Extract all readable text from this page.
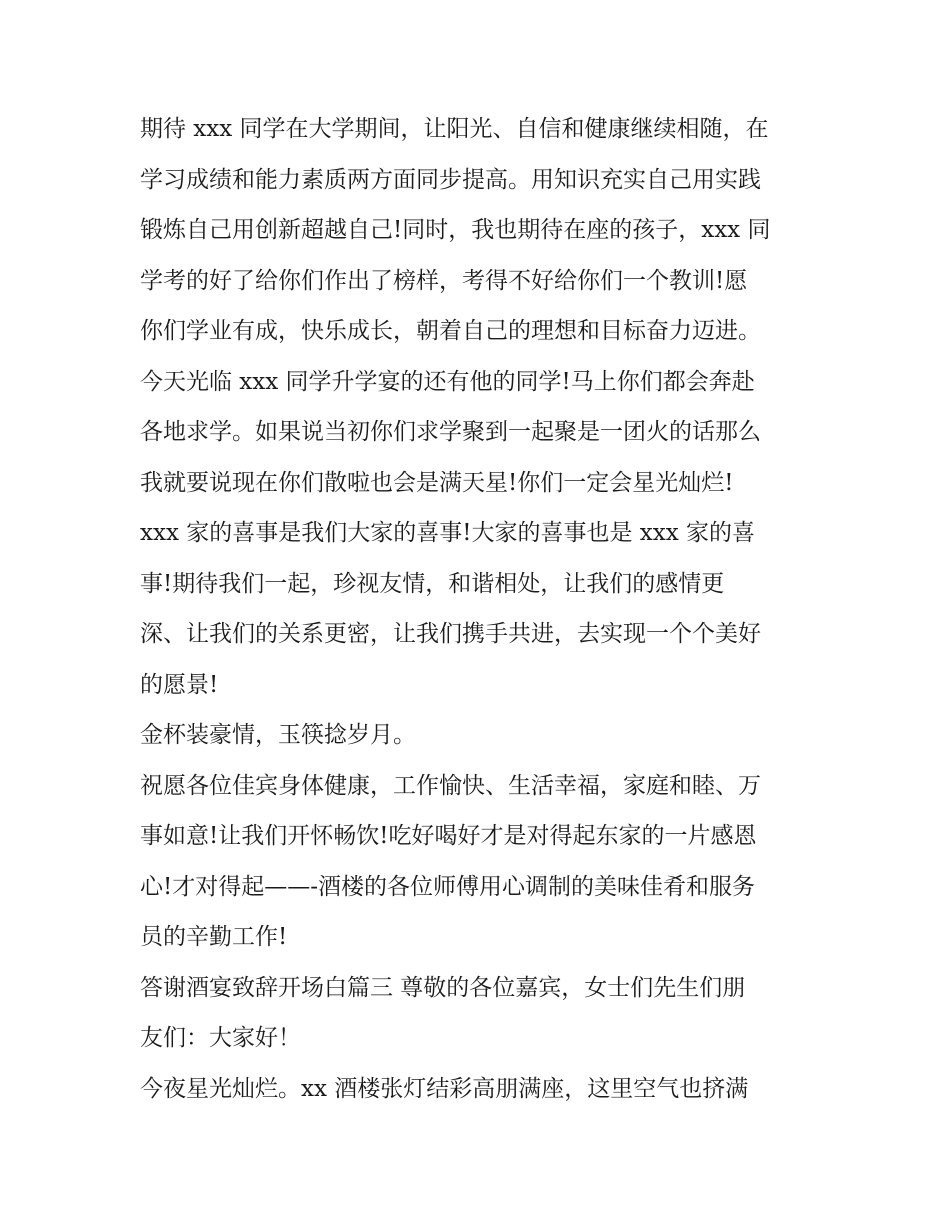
期待 xxx 同学在大学期间，让阳光、自信和健康继续相随，在
学习成绩和能力素质两方面同步提高。用知识充实自己用实践
锻炼自己用创新超越自己!同时，我也期待在座的孩子，xxx 同
学考的好了给你们作出了榜样，考得不好给你们一个教训!愿
你们学业有成，快乐成长，朝着自己的理想和目标奋力迈进。
今天光临 xxx 同学升学宴的还有他的同学!马上你们都会奔赴
各地求学。如果说当初你们求学聚到一起聚是一团火的话那么
我就要说现在你们散啦也会是满天星!你们一定会星光灿烂!
xxx 家的喜事是我们大家的喜事!大家的喜事也是 xxx 家的喜
事!期待我们一起，珍视友情，和谐相处，让我们的感情更
深、让我们的关系更密，让我们携手共进，去实现一个个美好
的愿景!
金杯装豪情，玉筷捻岁月。
祝愿各位佳宾身体健康，工作愉快、生活幸福，家庭和睦、万
事如意!让我们开怀畅饮!吃好喝好才是对得起东家的一片感恩
心!才对得起——-酒楼的各位师傅用心调制的美味佳肴和服务
员的辛勤工作!
答谢酒宴致辞开场白篇三 尊敬的各位嘉宾，女士们先生们朋
友们：大家好！
今夜星光灿烂。xx 酒楼张灯结彩高朋满座，这里空气也挤满
